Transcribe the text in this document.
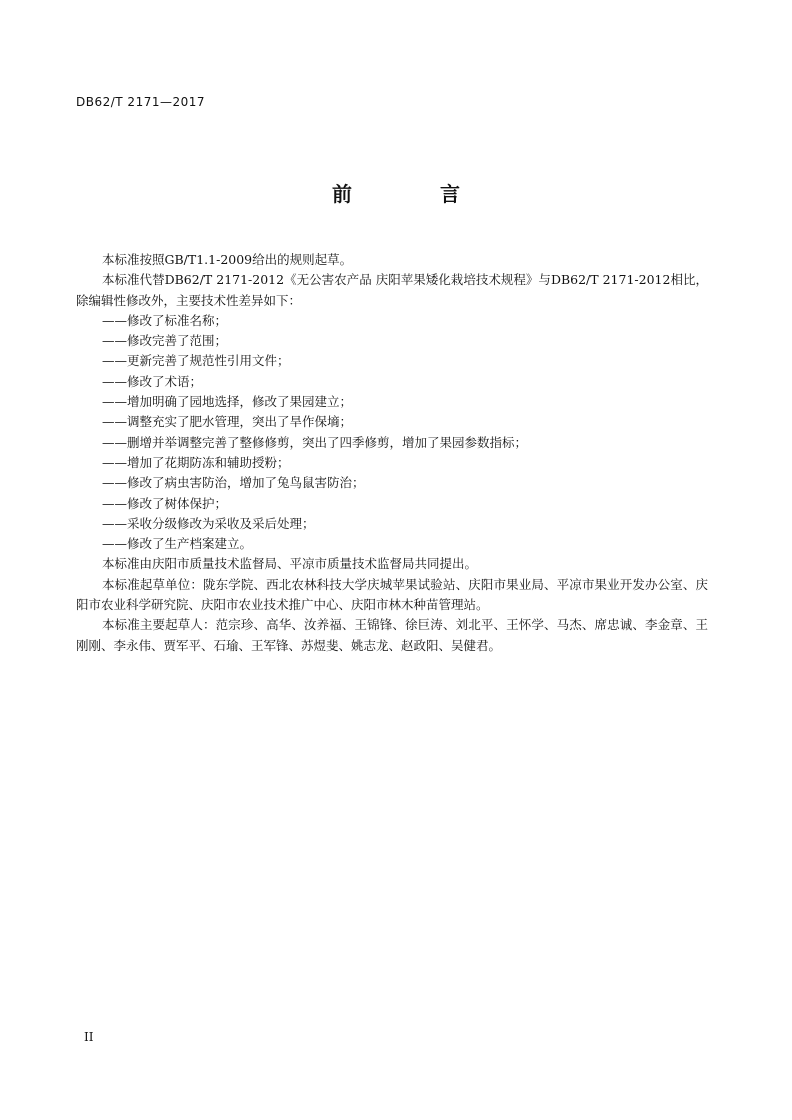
DB62/T 2171—2017
前　言

本标准按照GB/T1.1-2009给出的规则起草。

本标准代替DB62/T 2171-2012《无公害农产品 庆阳苹果矮化栽培技术规程》与DB62/T 2171-2012相比，除编辑性修改外，主要技术性差异如下：

——修改了标准名称；

——修改完善了范围；

——更新完善了规范性引用文件；

——修改了术语；

——增加明确了园地选择，修改了果园建立；

——调整充实了肥水管理，突出了旱作保墒；

——删增并举调整完善了整修修剪，突出了四季修剪，增加了果园参数指标；

——增加了花期防冻和辅助授粉；

——修改了病虫害防治，增加了兔鸟鼠害防治；

——修改了树体保护；

——采收分级修改为采收及采后处理；

——修改了生产档案建立。

本标准由庆阳市质量技术监督局、平凉市质量技术监督局共同提出。

本标准起草单位：陇东学院、西北农林科技大学庆城苹果试验站、庆阳市果业局、平凉市果业开发办公室、庆阳市农业科学研究院、庆阳市农业技术推广中心、庆阳市林木种苗管理站。

本标准主要起草人：范宗珍、高华、汝养福、王锦锋、徐巨涛、刘北平、王怀学、马杰、席忠诚、李金章、王刚刚、李永伟、贾军平、石瑜、王军锋、苏煜斐、姚志龙、赵政阳、吴健君。

II
